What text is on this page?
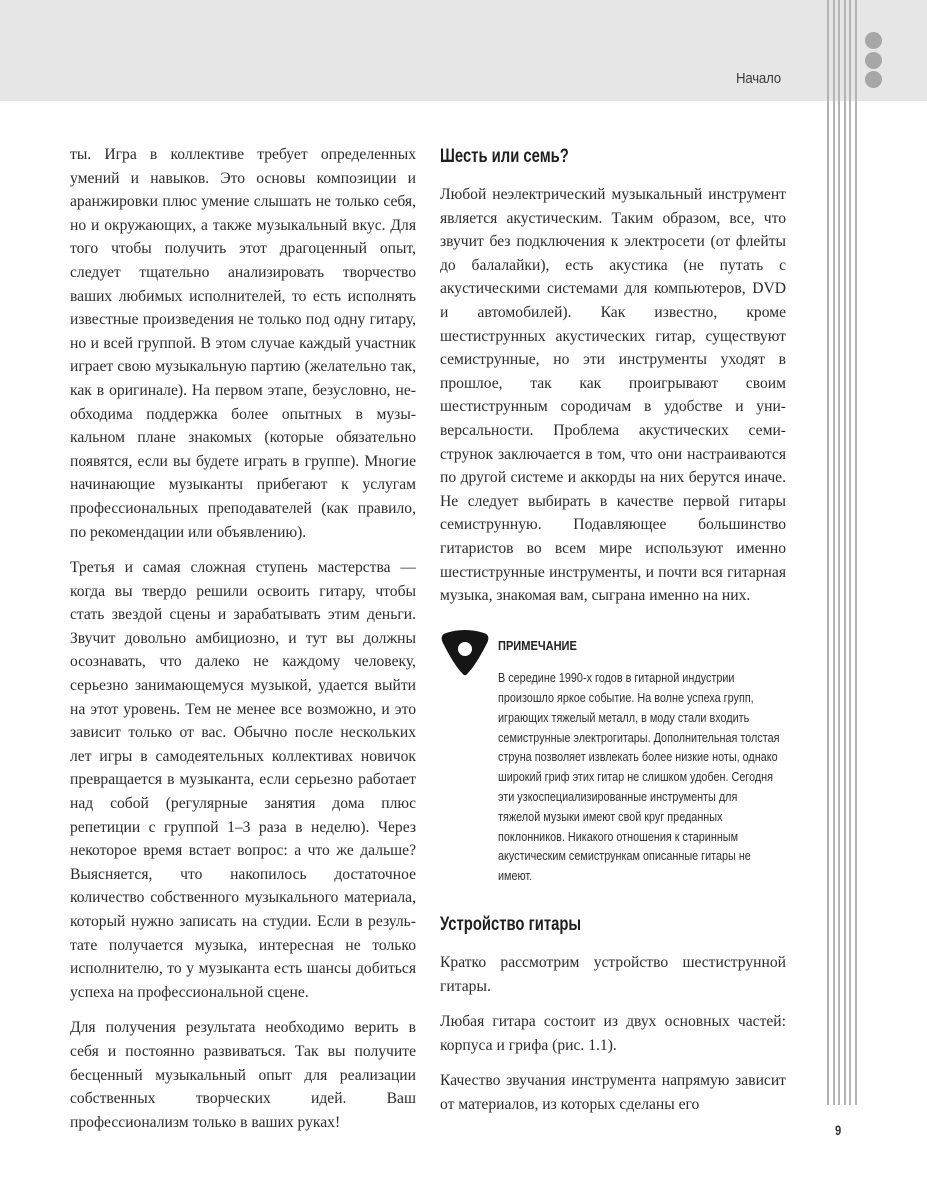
Начало

ты. Игра в коллективе требует определенных умений и навыков. Это основы композиции и аранжировки плюс умение слышать не только себя, но и окружающих, а также музыкальный вкус. Для того чтобы получить этот драгоценный опыт, следует тщательно анализировать творчество ваших любимых исполнителей, то есть исполнять известные произведения не только под одну гитару, но и всей группой. В этом случае каждый участник играет свою музыкальную партию (желательно так, как в оригинале). На первом этапе, безусловно, необходима поддержка более опытных в музыкальном плане знакомых (которые обязательно появятся, если вы будете играть в группе). Многие начинающие музыканты прибегают к услугам профессиональных преподавателей (как правило, по рекомендации или объявлению).

Третья и самая сложная ступень мастерства — когда вы твердо решили освоить гитару, чтобы стать звездой сцены и зарабатывать этим деньги. Звучит довольно амбициозно, и тут вы должны осознавать, что далеко не каждому человеку, серьезно занимающемуся музыкой, удается выйти на этот уровень. Тем не менее все возможно, и это зависит только от вас. Обычно после нескольких лет игры в самодеятельных коллективах новичок превращается в музыканта, если серьезно работает над собой (регулярные занятия дома плюс репетиции с группой 1–3 раза в неделю). Через некоторое время встает вопрос: а что же дальше? Выясняется, что накопилось достаточное количество собственного музыкального материала, который нужно записать на студии. Если в результате получается музыка, интересная не только исполнителю, то у музыканта есть шансы добиться успеха на профессиональной сцене.

Для получения результата необходимо верить в себя и постоянно развиваться. Так вы получите бесценный музыкальный опыт для реализации собственных творческих идей. Ваш профессионализм только в ваших руках!

Шесть или семь?

Любой неэлектрический музыкальный инструмент является акустическим. Таким образом, все, что звучит без подключения к электросети (от флейты до балалайки), есть акустика (не путать с акустическими системами для компьютеров, DVD и автомобилей). Как известно, кроме шестиструнных акустических гитар, существуют семиструнные, но эти инструменты уходят в прошлое, так как проигрывают своим шестиструнным сородичам в удобстве и универсальности. Проблема акустических семиструнок заключается в том, что они настраиваются по другой системе и аккорды на них берутся иначе. Не следует выбирать в качестве первой гитары семиструнную. Подавляющее большинство гитаристов во всем мире используют именно шестиструнные инструменты, и почти вся гитарная музыка, знакомая вам, сыграна именно на них.

ПРИМЕЧАНИЕ
В середине 1990-х годов в гитарной индустрии произошло яркое событие. На волне успеха групп, играющих тяжелый металл, в моду стали входить семиструнные электрогитары. Дополнительная толстая струна позволяет извлекать более низкие ноты, однако широкий гриф этих гитар не слишком удобен. Сегодня эти узкоспециализированные инструменты для тяжелой музыки имеют свой круг преданных поклонников. Никакого отношения к старинным акустическим семистрункам описанные гитары не имеют.
Устройство гитары

Кратко рассмотрим устройство шестиструнной гитары.

Любая гитара состоит из двух основных частей: корпуса и грифа (рис. 1.1).

Качество звучания инструмента напрямую зависит от материалов, из которых сделаны его

9
